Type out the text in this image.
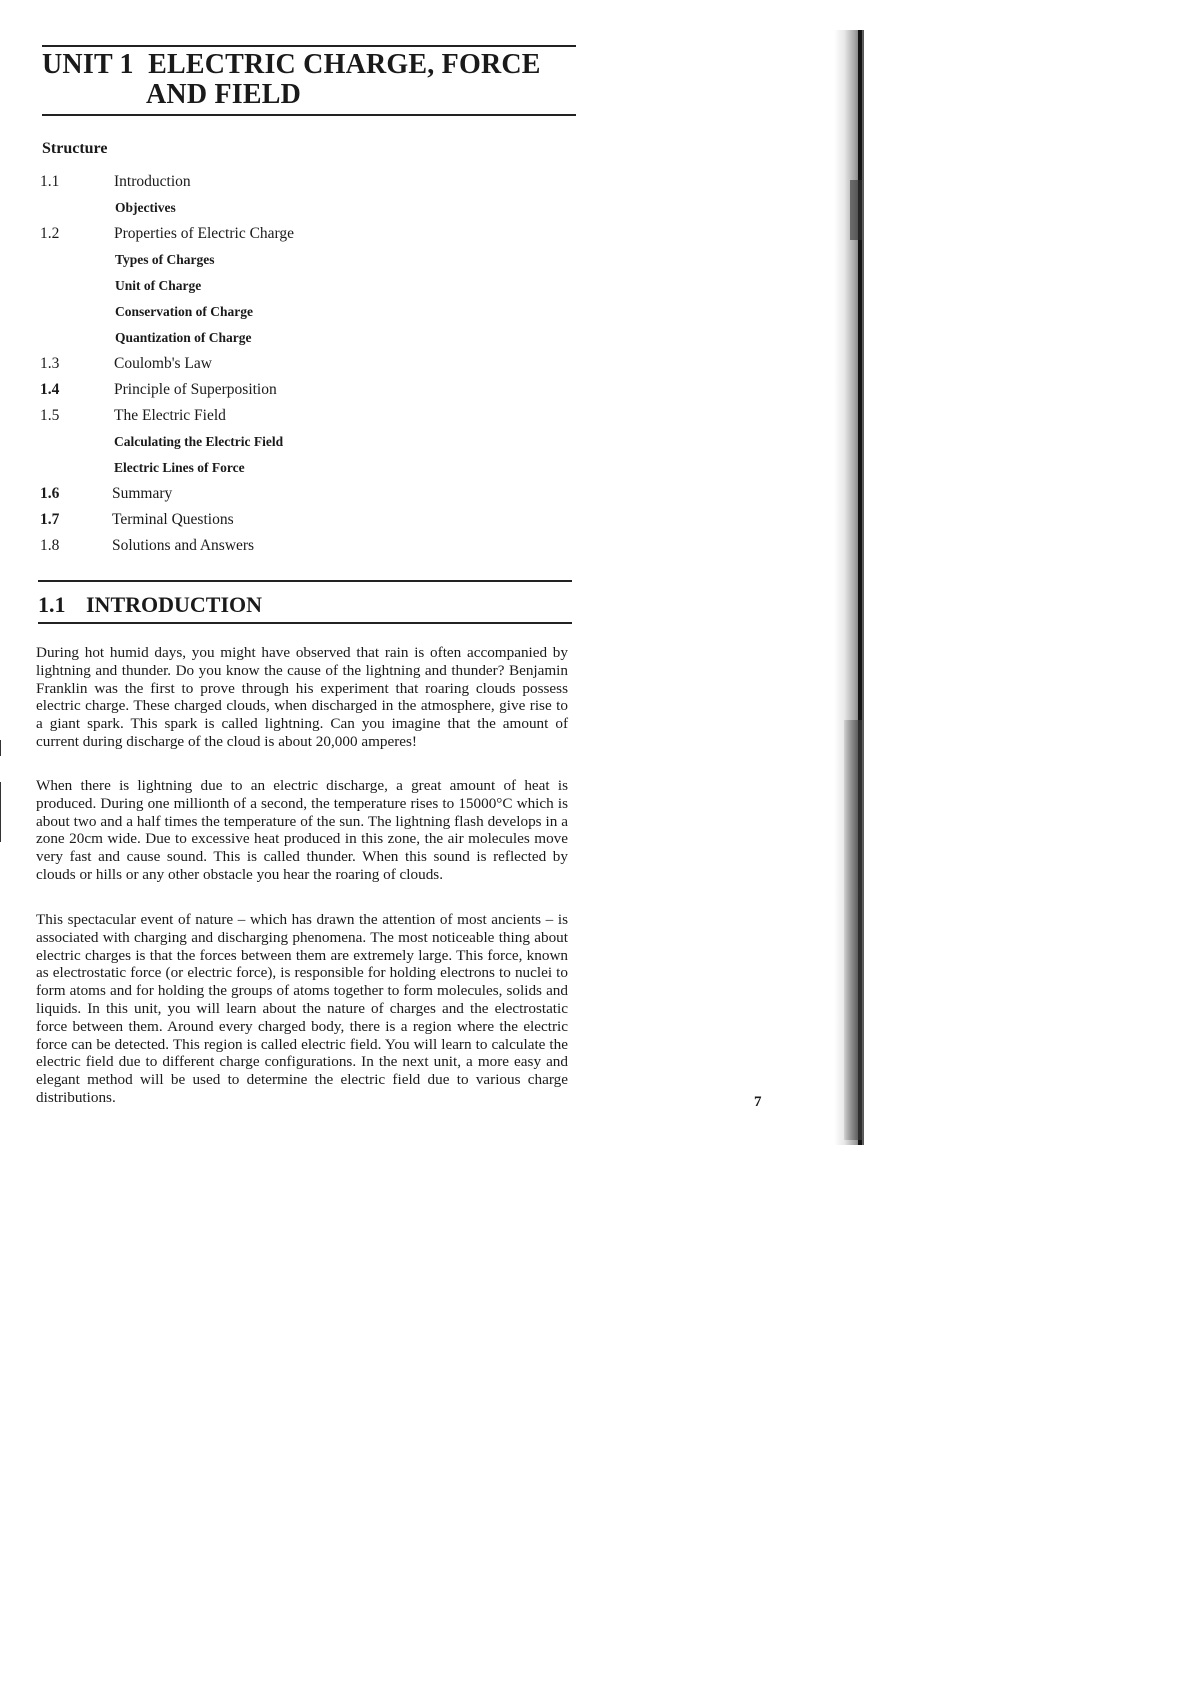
UNIT 1  ELECTRIC CHARGE, FORCE
AND FIELD
Structure
1.1	Introduction
Objectives
1.2	Properties of Electric Charge
Types of Charges
Unit of Charge
Conservation of Charge
Quantization of Charge
1.3	Coulomb's Law
1.4	Principle of Superposition
1.5	The Electric Field
Calculating the Electric Field
Electric Lines of Force
1.6	Summary
1.7	Terminal Questions
1.8	Solutions and Answers
1.1 INTRODUCTION

During hot humid days, you might have observed that rain is often accompanied by lightning and thunder. Do you know the cause of the lightning and thunder? Benjamin Franklin was the first to prove through his experiment that roaring clouds possess electric charge. These charged clouds, when discharged in the atmosphere, give rise to a giant spark. This spark is called lightning. Can you imagine that the amount of current during discharge of the cloud is about 20,000 amperes!

When there is lightning due to an electric discharge, a great amount of heat is produced. During one millionth of a second, the temperature rises to 15000°C which is about two and a half times the temperature of the sun. The lightning flash develops in a zone 20cm wide. Due to excessive heat produced in this zone, the air molecules move very fast and cause sound. This is called thunder. When this sound is reflected by clouds or hills or any other obstacle you hear the roaring of clouds.

This spectacular event of nature – which has drawn the attention of most ancients – is associated with charging and discharging phenomena. The most noticeable thing about electric charges is that the forces between them are extremely large. This force, known as electrostatic force (or electric force), is responsible for holding electrons to nuclei to form atoms and for holding the groups of atoms together to form molecules, solids and liquids. In this unit, you will learn about the nature of charges and the electrostatic force between them. Around every charged body, there is a region where the electric force can be detected. This region is called electric field. You will learn to calculate the electric field due to different charge configurations. In the next unit, a more easy and elegant method will be used to determine the electric field due to various charge distributions.	7
